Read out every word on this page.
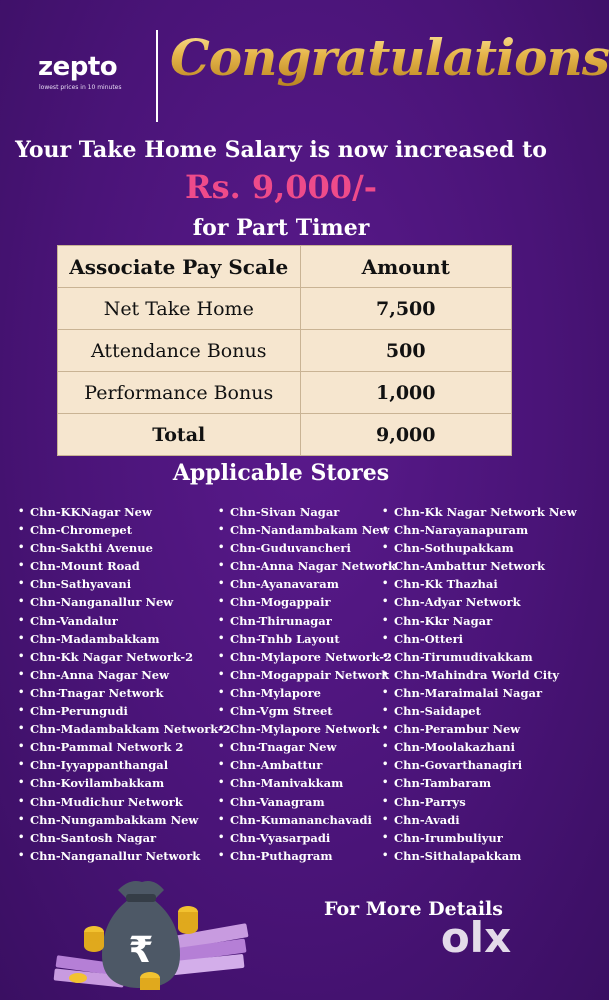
zepto
lowest prices in 10 minutes
Congratulations
Your Take Home Salary is now increased to
Rs. 9,000/-
for Part Timer
Associate Pay Scale	Amount
Net Take Home	7,500
Attendance Bonus	500
Performance Bonus	1,000
Total	9,000
Applicable Stores
• Chn-KKNagar New
• Chn-Chromepet
• Chn-Sakthi Avenue
• Chn-Mount Road
• Chn-Sathyavani
• Chn-Nanganallur New
• Chn-Vandalur
• Chn-Madambakkam
• Chn-Kk Nagar Network-2
• Chn-Anna Nagar New
• Chn-Tnagar Network
• Chn-Perungudi
• Chn-Madambakkam Network-2
• Chn-Pammal Network 2
• Chn-Iyyappanthangal
• Chn-Kovilambakkam
• Chn-Mudichur Network
• Chn-Nungambakkam New
• Chn-Santosh Nagar
• Chn-Nanganallur Network
• Chn-Sivan Nagar
• Chn-Nandambakam New
• Chn-Guduvancheri
• Chn-Anna Nagar Network
• Chn-Ayanavaram
• Chn-Mogappair
• Chn-Thirunagar
• Chn-Tnhb Layout
• Chn-Mylapore Network-2
• Chn-Mogappair Network
• Chn-Mylapore
• Chn-Vgm Street
• Chn-Mylapore Network
• Chn-Tnagar New
• Chn-Ambattur
• Chn-Manivakkam
• Chn-Vanagram
• Chn-Kumananchavadi
• Chn-Vyasarpadi
• Chn-Puthagram
• Chn-Kk Nagar Network New
• Chn-Narayanapuram
• Chn-Sothupakkam
• Chn-Ambattur Network
• Chn-Kk Thazhai
• Chn-Adyar Network
• Chn-Kkr Nagar
• Chn-Otteri
• Chn-Tirumudivakkam
• Chn-Mahindra World City
• Chn-Maraimalai Nagar
• Chn-Saidapet
• Chn-Perambur New
• Chn-Moolakazhani
• Chn-Govarthanagiri
• Chn-Tambaram
• Chn-Parrys
• Chn-Avadi
• Chn-Irumbuliyur
• Chn-Sithalapakkam
₹
For More Details
olx
